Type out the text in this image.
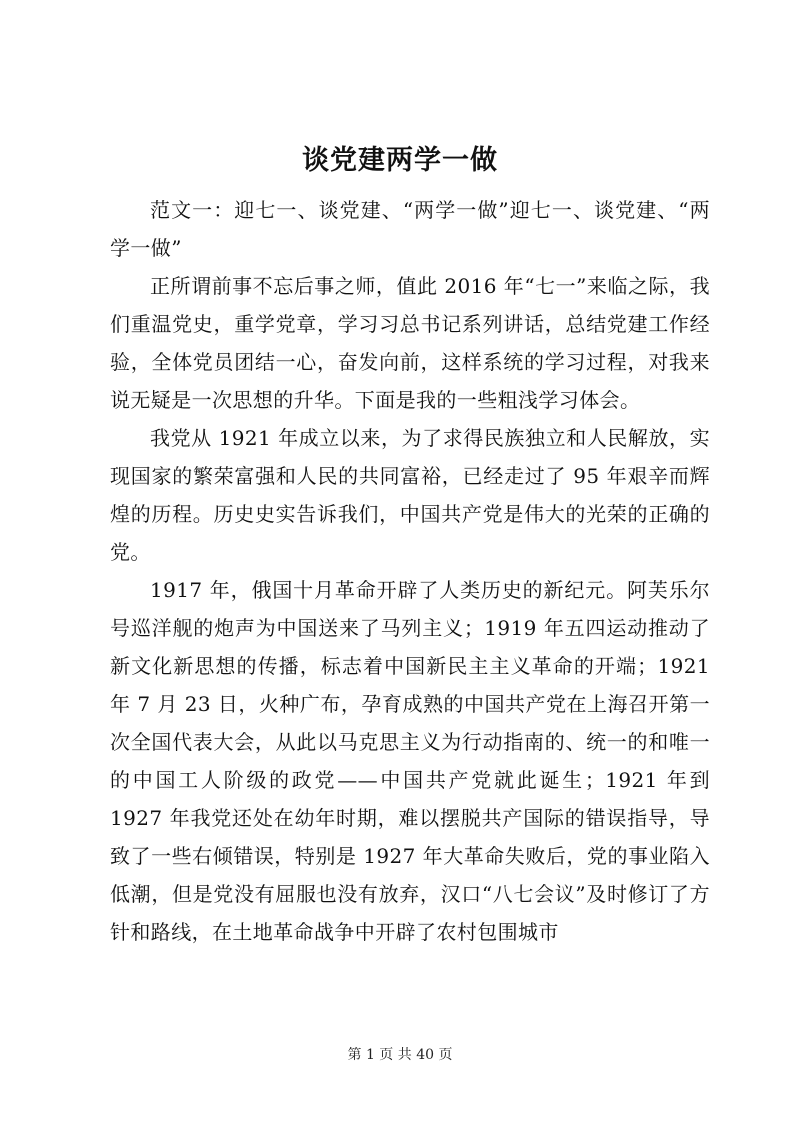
谈党建两学一做

范文一：迎七一、谈党建、“两学一做”迎七一、谈党建、“两学一做”

正所谓前事不忘后事之师，值此 2016 年“七一”来临之际，我们重温党史，重学党章，学习习总书记系列讲话，总结党建工作经验，全体党员团结一心，奋发向前，这样系统的学习过程，对我来说无疑是一次思想的升华。下面是我的一些粗浅学习体会。

我党从 1921 年成立以来，为了求得民族独立和人民解放，实现国家的繁荣富强和人民的共同富裕，已经走过了 95 年艰辛而辉煌的历程。历史史实告诉我们，中国共产党是伟大的光荣的正确的党。

1917 年，俄国十月革命开辟了人类历史的新纪元。阿芙乐尔号巡洋舰的炮声为中国送来了马列主义；1919 年五四运动推动了新文化新思想的传播，标志着中国新民主主义革命的开端；1921 年 7 月 23 日，火种广布，孕育成熟的中国共产党在上海召开第一次全国代表大会，从此以马克思主义为行动指南的、统一的和唯一的中国工人阶级的政党——中国共产党就此诞生；1921 年到 1927 年我党还处在幼年时期，难以摆脱共产国际的错误指导，导致了一些右倾错误，特别是 1927 年大革命失败后，党的事业陷入低潮，但是党没有屈服也没有放弃，汉口“八七会议”及时修订了方针和路线，在土地革命战争中开辟了农村包围城市

第 1 页 共 40 页
